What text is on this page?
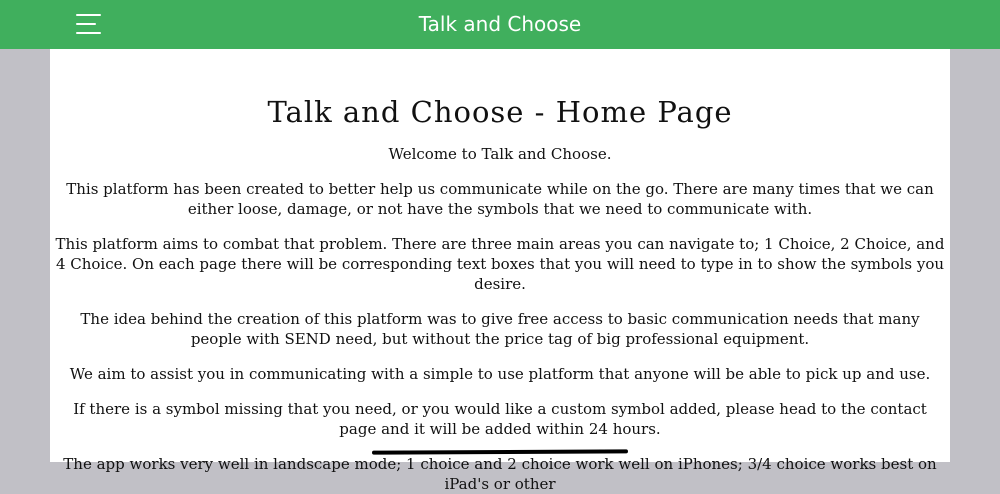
Talk and Choose
Talk and Choose - Home Page

Welcome to Talk and Choose.

This platform has been created to better help us communicate while on the go. There are many times that we can either loose, damage, or not have the symbols that we need to communicate with.

This platform aims to combat that problem. There are three main areas you can navigate to; 1 Choice, 2 Choice, and 4 Choice. On each page there will be corresponding text boxes that you will need to type in to show the symbols you desire.

The idea behind the creation of this platform was to give free access to basic communication needs that many people with SEND need, but without the price tag of big professional equipment.

We aim to assist you in communicating with a simple to use platform that anyone will be able to pick up and use.

If there is a symbol missing that you need, or you would like a custom symbol added, please head to the contact page and it will be added within 24 hours.

The app works very well in landscape mode; 1 choice and 2 choice work well on iPhones; 3/4 choice works best on iPad's or other
